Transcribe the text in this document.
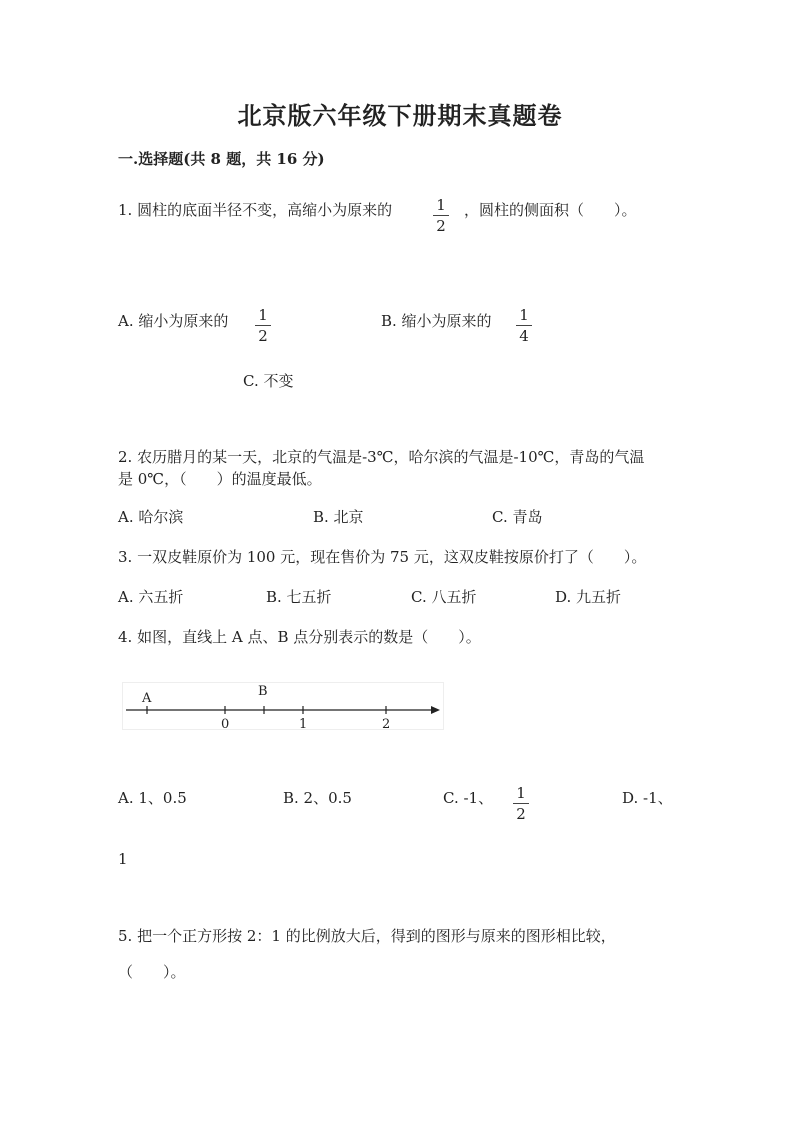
北京版六年级下册期末真题卷
一.选择题(共 8 题，共 16 分)
1. 圆柱的底面半径不变，高缩小为原来的	1
2
，圆柱的侧面积（　　）。
A. 缩小为原来的	1
2
B. 缩小为原来的	1
4
C. 不变
2. 农历腊月的某一天，北京的气温是-3℃，哈尔滨的气温是-10℃，青岛的气温
是 0℃，（　　）的温度最低。
A. 哈尔滨	B. 北京	C. 青岛
3. 一双皮鞋原价为 100 元，现在售价为 75 元，这双皮鞋按原价打了（　　）。
A. 六五折	B. 七五折	C. 八五折	D. 九五折
4. 如图，直线上 A 点、B 点分别表示的数是（　　）。
A	B
0	1	2
A. 1、0.5	B. 2、0.5	C. -1、	1
2
D. -1、
1
5. 把一个正方形按 2：1 的比例放大后，得到的图形与原来的图形相比较，
（　　）。
